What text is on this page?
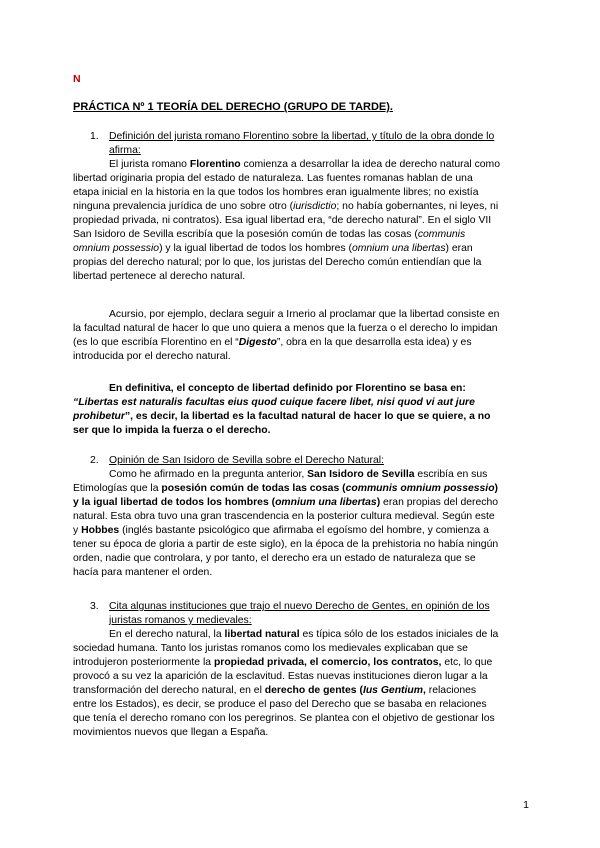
N
PRÁCTICA Nº 1 TEORÍA DEL DERECHO (GRUPO DE TARDE).
1. Definición del jurista romano Florentino sobre la libertad, y título de la obra donde lo
afirma:
El jurista romano Florentino comienza a desarrollar la idea de derecho natural como
libertad originaria propia del estado de naturaleza. Las fuentes romanas hablan de una
etapa inicial en la historia en la que todos los hombres eran igualmente libres; no existía
ninguna prevalencia jurídica de uno sobre otro (iurisdictio; no había gobernantes, ni leyes, ni
propiedad privada, ni contratos). Esa igual libertad era, “de derecho natural”. En el siglo VII
San Isidoro de Sevilla escribía que la posesión común de todas las cosas (communis
omnium possessio) y la igual libertad de todos los hombres (omnium una libertas) eran
propias del derecho natural; por lo que, los juristas del Derecho común entiendían que la
libertad pertenece al derecho natural.
Acursio, por ejemplo, declara seguir a Irnerio al proclamar que la libertad consiste en
la facultad natural de hacer lo que uno quiera a menos que la fuerza o el derecho lo impidan
(es lo que escribía Florentino en el “Digesto”, obra en la que desarrolla esta idea) y es
introducida por el derecho natural.
En definitiva, el concepto de libertad definido por Florentino se basa en:
“Libertas est naturalis facultas eius quod cuique facere libet, nisi quod vi aut jure
prohibetur”, es decir, la libertad es la facultad natural de hacer lo que se quiere, a no
ser que lo impida la fuerza o el derecho.
2. Opinión de San Isidoro de Sevilla sobre el Derecho Natural:
Como he afirmado en la pregunta anterior, San Isidoro de Sevilla escribía en sus
Etimologías que la posesión común de todas las cosas (communis omnium possessio)
y la igual libertad de todos los hombres (omnium una libertas) eran propias del derecho
natural. Esta obra tuvo una gran trascendencia en la posterior cultura medieval. Según este
y Hobbes (inglés bastante psicológico que afirmaba el egoísmo del hombre, y comienza a
tener su época de gloria a partir de este siglo), en la época de la prehistoria no había ningún
orden, nadie que controlara, y por tanto, el derecho era un estado de naturaleza que se
hacía para mantener el orden.
3. Cita algunas instituciones que trajo el nuevo Derecho de Gentes, en opinión de los
juristas romanos y medievales:
En el derecho natural, la libertad natural es típica sólo de los estados iniciales de la
sociedad humana. Tanto los juristas romanos como los medievales explicaban que se
introdujeron posteriormente la propiedad privada, el comercio, los contratos, etc, lo que
provocó a su vez la aparición de la esclavitud. Estas nuevas instituciones dieron lugar a la
transformación del derecho natural, en el derecho de gentes (Ius Gentium, relaciones
entre los Estados), es decir, se produce el paso del Derecho que se basaba en relaciones
que tenía el derecho romano con los peregrinos. Se plantea con el objetivo de gestionar los
movimientos nuevos que llegan a España.
1
